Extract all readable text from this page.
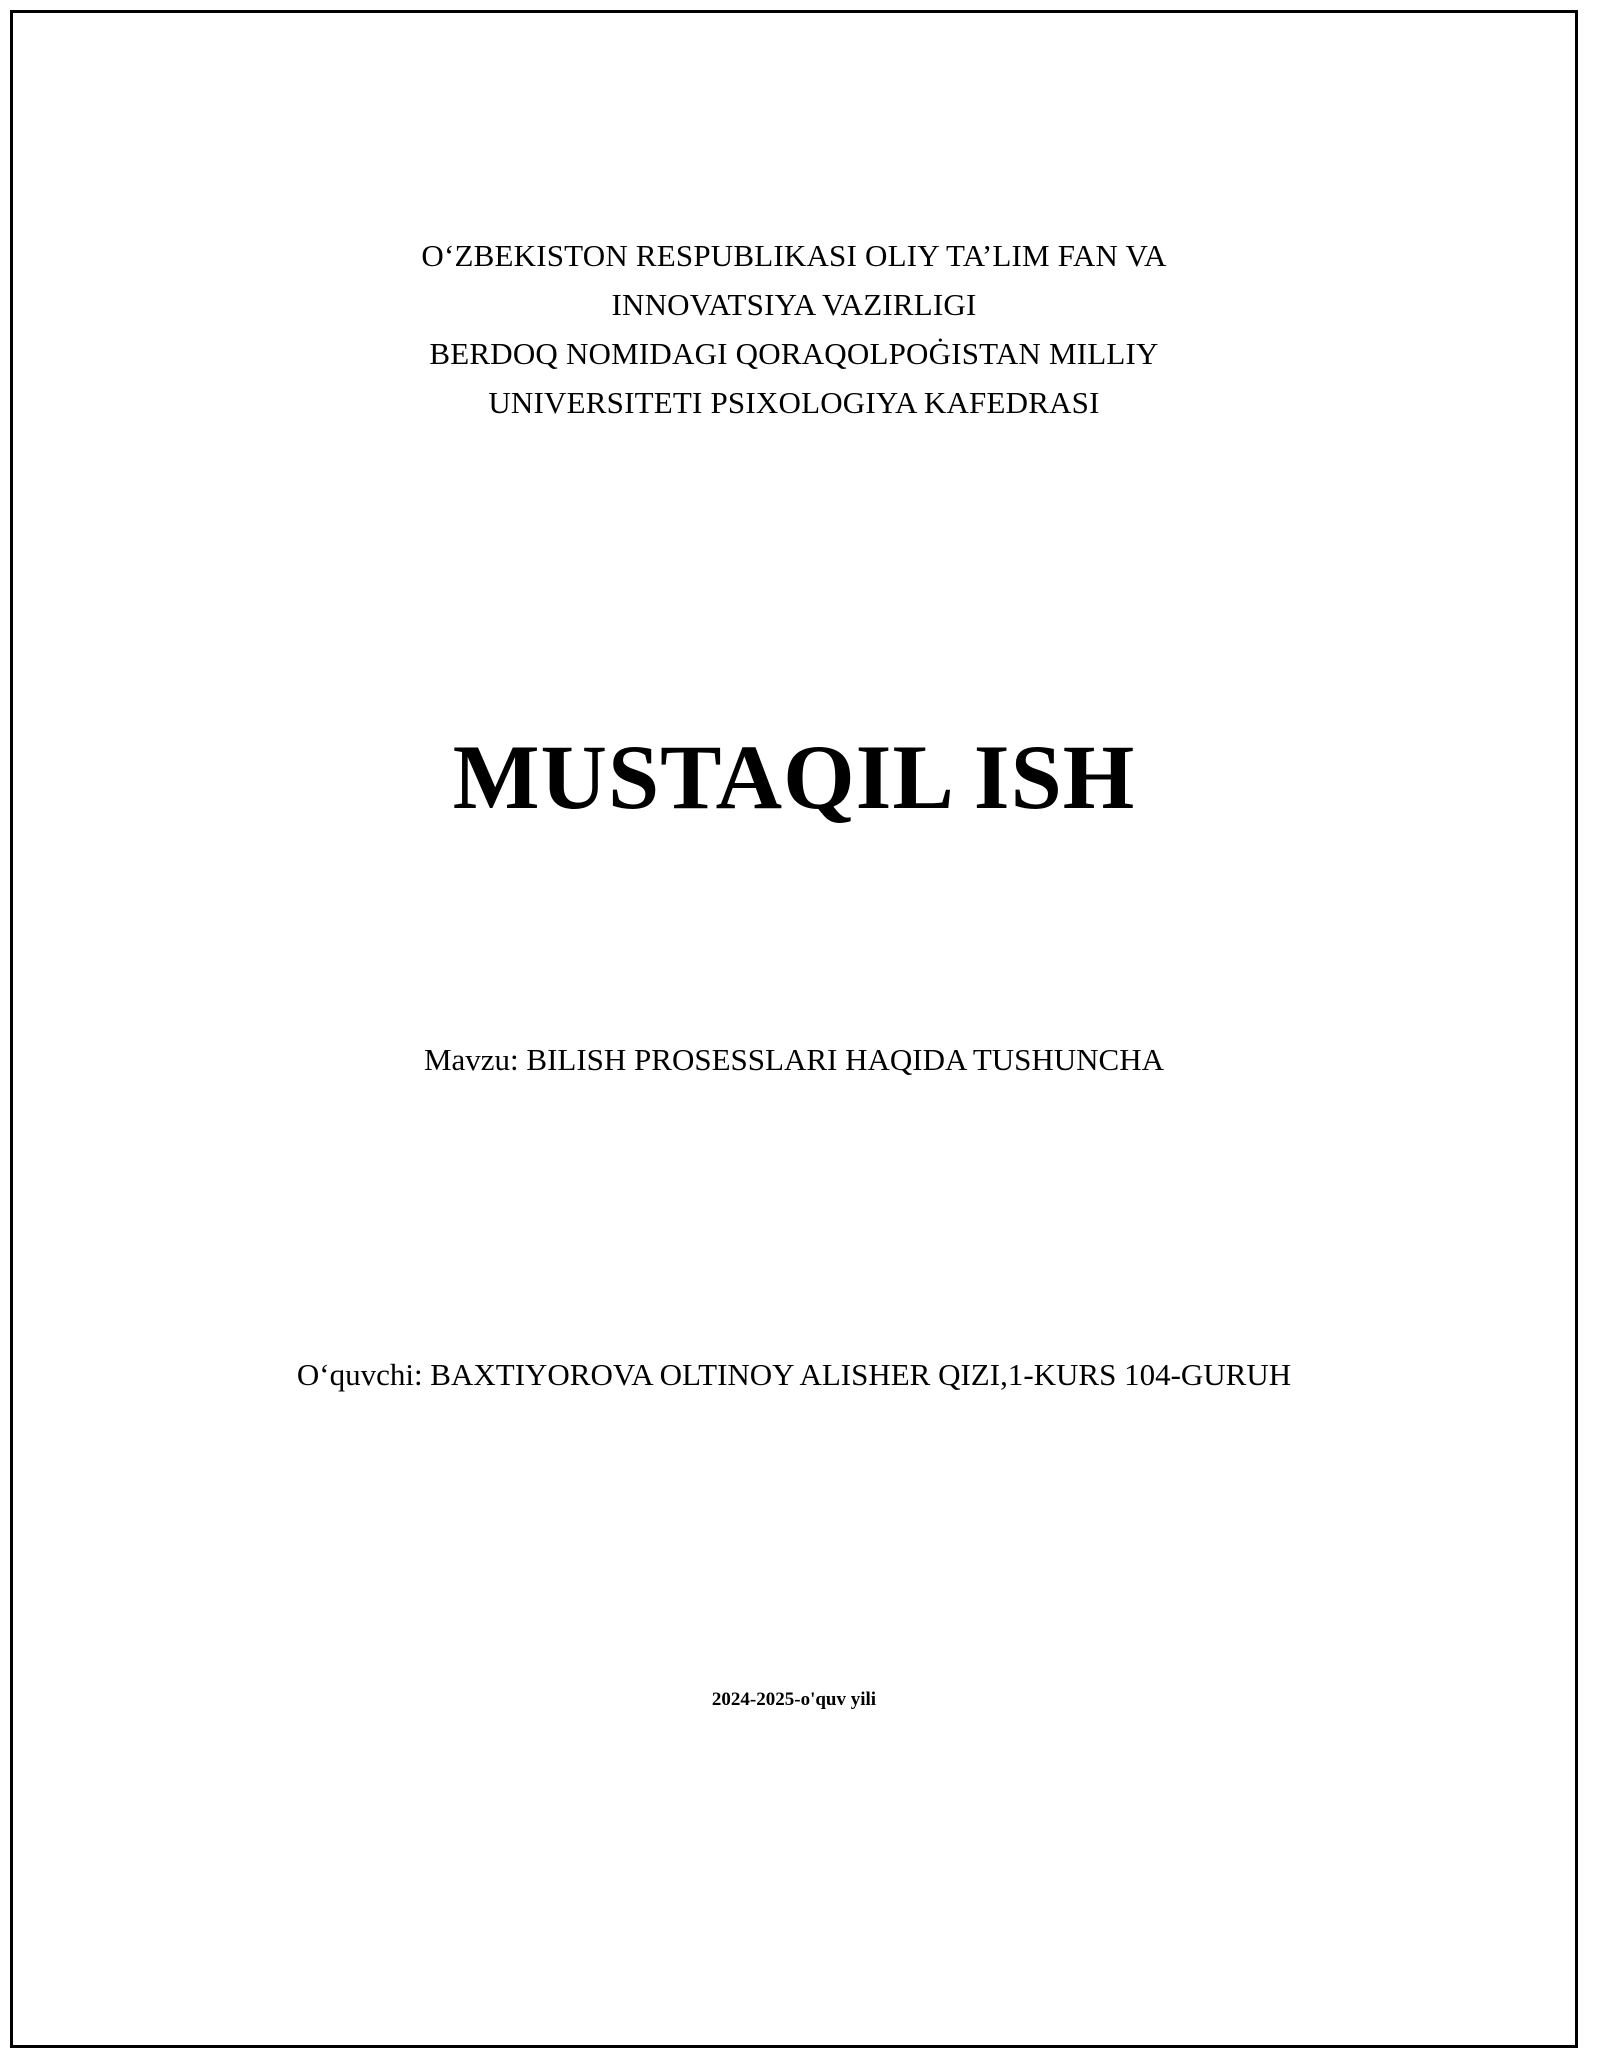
O‘ZBEKISTON RESPUBLIKASI OLIY TA’LIM FAN VA
INNOVATSIYA VAZIRLIGI
BERDOQ NOMIDAGI QORAQOLPOĠISTAN MILLIY
UNIVERSITETI PSIXOLOGIYA KAFEDRASI
MUSTAQIL ISH
Mavzu: BILISH PROSESSLARI HAQIDA TUSHUNCHA
O‘quvchi: BAXTIYOROVA OLTINOY ALISHER QIZI,1-KURS 104-GURUH
2024-2025-o'quv yili
